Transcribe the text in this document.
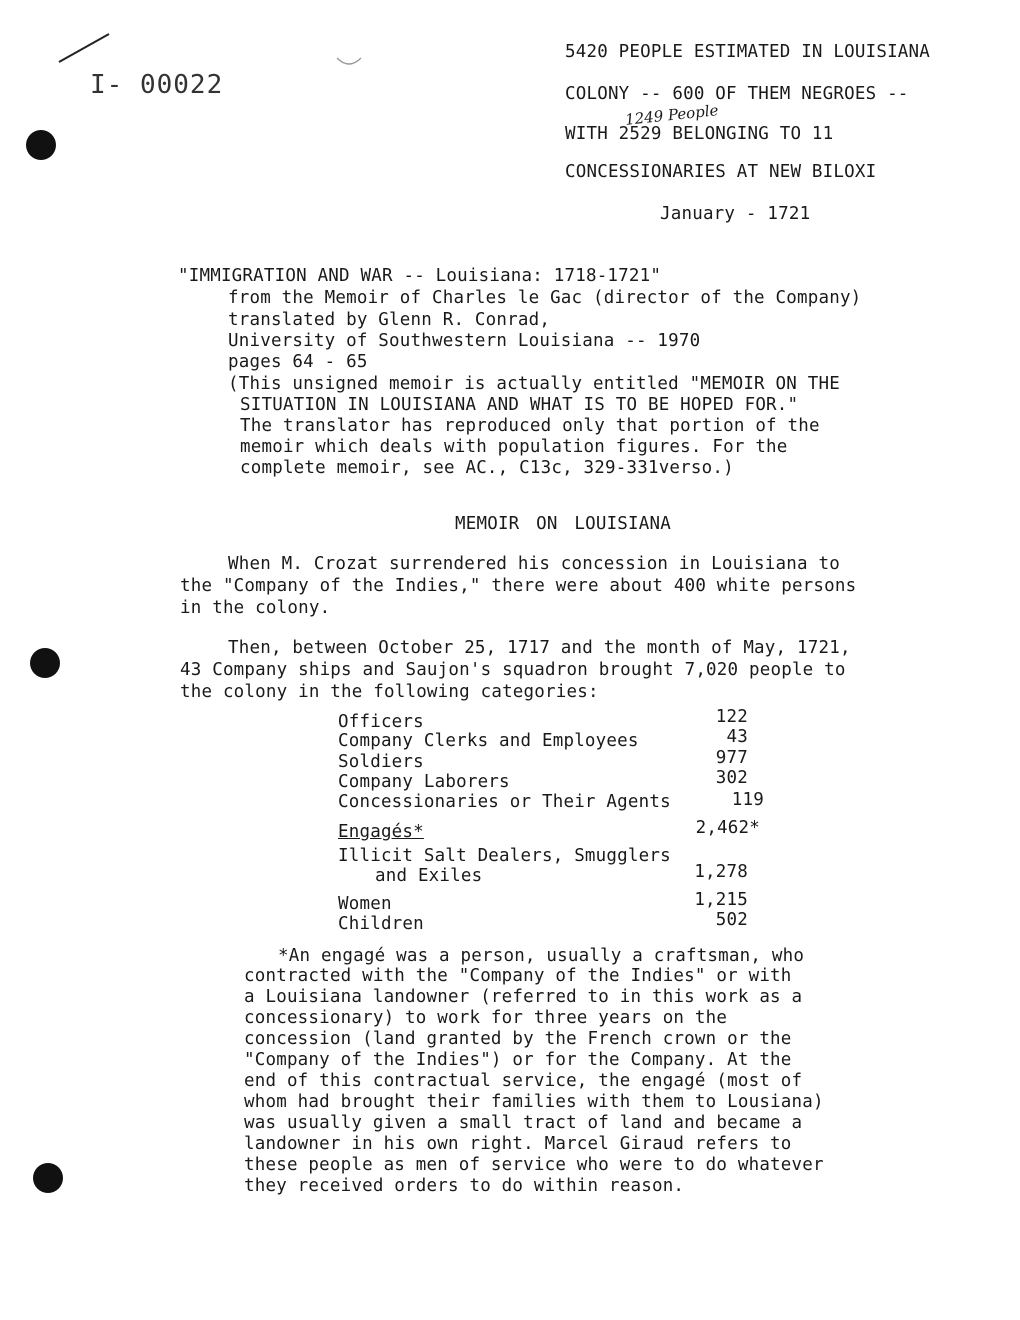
I- 00022
5420 PEOPLE ESTIMATED IN LOUISIANA
COLONY -- 600 OF THEM NEGROES --
1249 People
WITH 2529 BELONGING TO 11
CONCESSIONARIES AT NEW BILOXI
January - 1721
"IMMIGRATION AND WAR -- Louisiana: 1718-1721"
from the Memoir of Charles le Gac (director of the Company)
translated by Glenn R. Conrad,
University of Southwestern Louisiana -- 1970
pages 64 - 65
(This unsigned memoir is actually entitled "MEMOIR ON THE
SITUATION IN LOUISIANA AND WHAT IS TO BE HOPED FOR."
The translator has reproduced only that portion of the
memoir which deals with population figures. For the
complete memoir, see AC., C13c, 329-331verso.)
MEMOIR ON LOUISIANA
When M. Crozat surrendered his concession in Louisiana to
the "Company of the Indies," there were about 400 white persons
in the colony.
Then, between October 25, 1717 and the month of May, 1721,
43 Company ships and Saujon's squadron brought 7,020 people to
the colony in the following categories:
Officers	122
Company Clerks and Employees	43
Soldiers	977
Company Laborers	302
Concessionaries or Their Agents	119
Engagés*	2,462*
Illicit Salt Dealers, Smugglers
and Exiles	1,278
Women	1,215
Children	502
*An engagé was a person, usually a craftsman, who
contracted with the "Company of the Indies" or with
a Louisiana landowner (referred to in this work as a
concessionary) to work for three years on the
concession (land granted by the French crown or the
"Company of the Indies") or for the Company. At the
end of this contractual service, the engagé (most of
whom had brought their families with them to Lousiana)
was usually given a small tract of land and became a
landowner in his own right. Marcel Giraud refers to
these people as men of service who were to do whatever
they received orders to do within reason.
